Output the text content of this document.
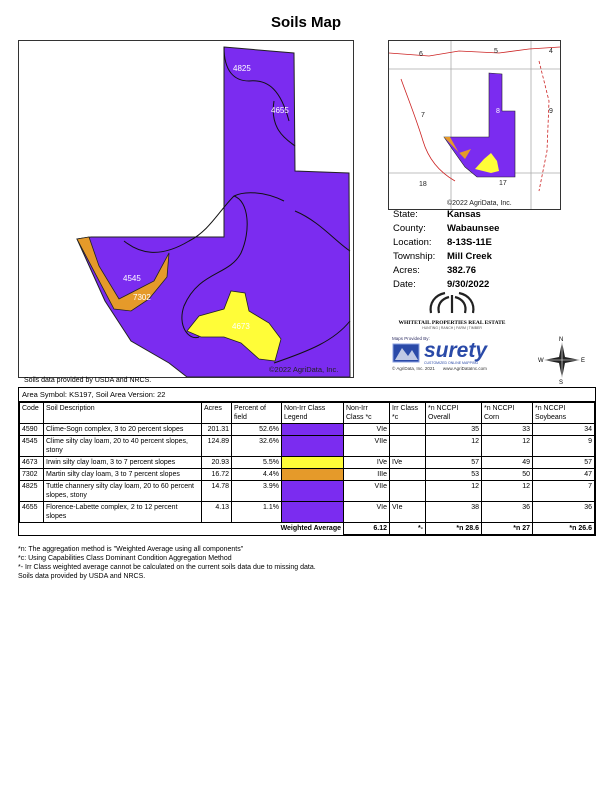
Soils Map
4825
4655
4590
4545
7302
4673
©2022 AgriData, Inc.
6	5	4
7
8	9
18	17
©2022 AgriData, Inc.
State:	Kansas
County: Wabaunsee
Location: 8-13S-11E
Township: Mill Creek
Acres:	382.76
Date:	9/30/2022
WHITETAIL PROPERTIES REAL ESTATE
HUNTING | RANCH | FARM | TIMBER
Maps Provided By:
surety
CUSTOMIZED ONLINE MAPPING
© AgriData, Inc. 2021 www.AgriDataInc.com
N
S
E
W
Soils data provided by USDA and NRCS.
Area Symbol: KS197, Soil Area Version: 22
Code	Soil Description	Acres	Percent of field	Non-Irr Class Legend	Non-Irr Class *c	Irr Class *c	*n NCCPI Overall	*n NCCPI Corn	*n NCCPI Soybeans
4590	Clime-Sogn complex, 3 to 20 percent slopes	201.31	52.6%		VIe		35	33	34
4545	Clime silty clay loam, 20 to 40 percent slopes, stony	124.89	32.6%		VIIe		12	12	9
4673	Irwin silty clay loam, 3 to 7 percent slopes	20.93	5.5%		IVe	IVe	57	49	57
7302	Martin silty clay loam, 3 to 7 percent slopes	16.72	4.4%		IIIe		53	50	47
4825	Tuttle channery silty clay loam, 20 to 60 percent slopes, stony	14.78	3.9%		VIIe		12	12	7
4655	Florence-Labette complex, 2 to 12 percent slopes	4.13	1.1%		VIe	VIe	38	36	36
Weighted Average					6.12	*-	*n 28.6	*n 27	*n 26.6
*n: The aggregation method is "Weighted Average using all components"
*c: Using Capabilities Class Dominant Condition Aggregation Method
*- Irr Class weighted average cannot be calculated on the current soils data due to missing data.
Soils data provided by USDA and NRCS.
